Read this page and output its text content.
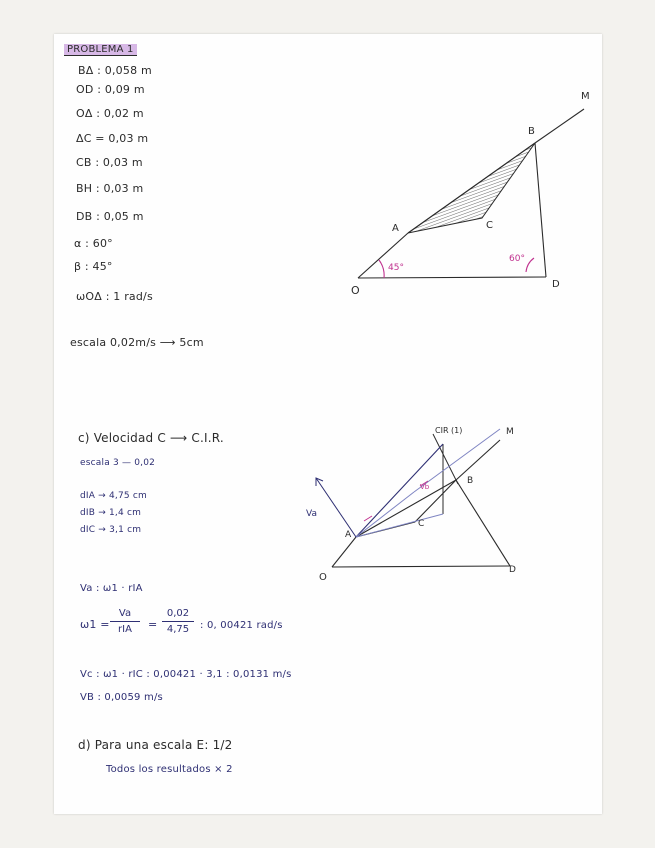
PROBLEMA 1
BΔ : 0,058 m
OD : 0,09 m
OΔ : 0,02 m
ΔC = 0,03 m
CB : 0,03 m
BH : 0,03 m
DB : 0,05 m
α : 60°
β : 45°
ωOΔ : 1 rad/s
escala 0,02m/s ⟶ 5cm
O
A
B
C
D
M
45°
60°
c) Velocidad C ⟶ C.I.R.
escala 3 — 0,02
dIA → 4,75 cm
dIB → 1,4 cm
dIC → 3,1 cm
Va : ω1 · rIA
ω1 =
Va
rIA =
0,02
4,75 : 0, 00421 rad/s
Vc : ω1 · rIC : 0,00421 · 3,1 : 0,0131 m/s
VB : 0,0059 m/s
O
A
B
C
D
M
CIR (1)
Va
Vb
d) Para una escala E: 1/2
Todos los resultados × 2
